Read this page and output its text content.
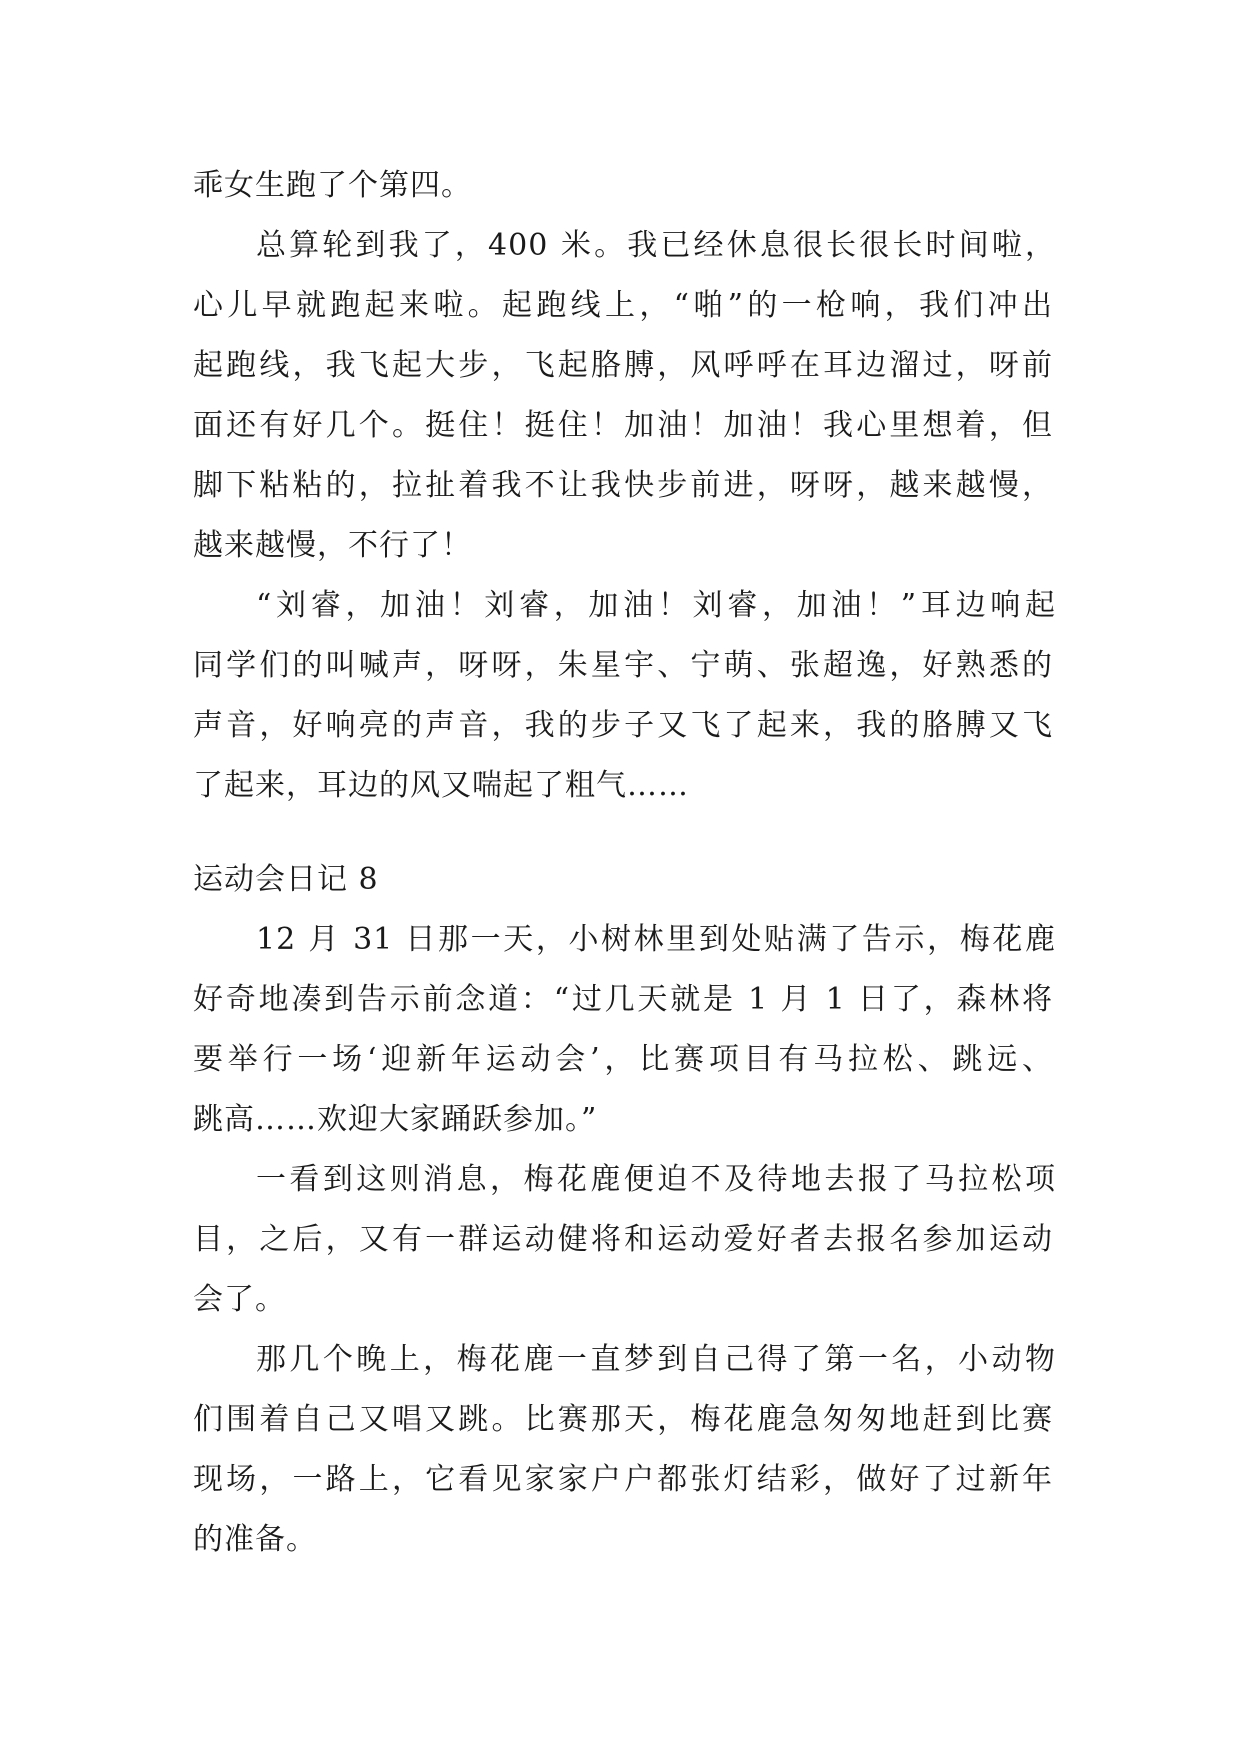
乖女生跑了个第四。
总算轮到我了，400 米。我已经休息很长很长时间啦，
心儿早就跑起来啦。起跑线上，“啪”的一枪响，我们冲出
起跑线，我飞起大步，飞起胳膊，风呼呼在耳边溜过，呀前
面还有好几个。挺住！挺住！加油！加油！我心里想着，但
脚下粘粘的，拉扯着我不让我快步前进，呀呀，越来越慢，
越来越慢，不行了！
“刘睿，加油！刘睿，加油！刘睿，加油！”耳边响起
同学们的叫喊声，呀呀，朱星宇、宁萌、张超逸，好熟悉的
声音，好响亮的声音，我的步子又飞了起来，我的胳膊又飞
了起来，耳边的风又喘起了粗气……
运动会日记 8
12 月 31 日那一天，小树林里到处贴满了告示，梅花鹿
好奇地凑到告示前念道：“过几天就是 1 月 1 日了，森林将
要举行一场‘迎新年运动会’，比赛项目有马拉松、跳远、
跳高……欢迎大家踊跃参加。”
一看到这则消息，梅花鹿便迫不及待地去报了马拉松项
目，之后，又有一群运动健将和运动爱好者去报名参加运动
会了。
那几个晚上，梅花鹿一直梦到自己得了第一名，小动物
们围着自己又唱又跳。比赛那天，梅花鹿急匆匆地赶到比赛
现场，一路上，它看见家家户户都张灯结彩，做好了过新年
的准备。
